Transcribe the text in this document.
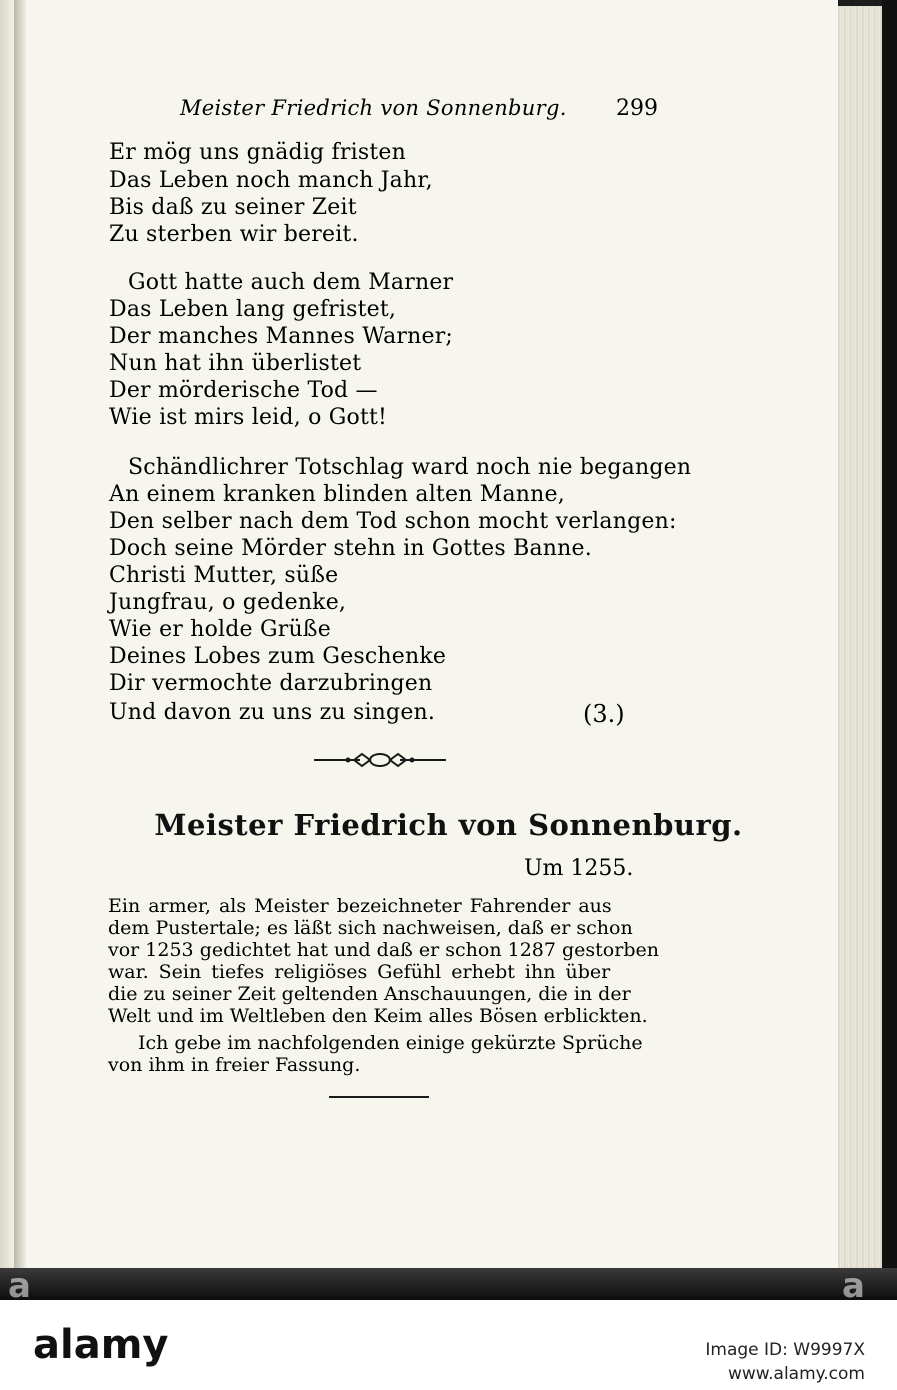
Meister Friedrich von Sonnenburg. 299
Er mög uns gnädig fristen
Das Leben noch manch Jahr,
Bis daß zu seiner Zeit
Zu sterben wir bereit.
Gott hatte auch dem Marner
Das Leben lang gefristet,
Der manches Mannes Warner;
Nun hat ihn überlistet
Der mörderische Tod —
Wie ist mirs leid, o Gott!
Schändlichrer Totschlag ward noch nie begangen
An einem kranken blinden alten Manne,
Den selber nach dem Tod schon mocht verlangen:
Doch seine Mörder stehn in Gottes Banne.
Christi Mutter, süße
Jungfrau, o gedenke,
Wie er holde Grüße
Deines Lobes zum Geschenke
Dir vermochte darzubringen
Und davon zu uns zu singen.	(3.)
Meister Friedrich von Sonnenburg.
Um 1255.
Ein armer, als Meister bezeichneter Fahrender aus
dem Pustertale; es läßt sich nachweisen, daß er schon
vor 1253 gedichtet hat und daß er schon 1287 gestorben
war. Sein tiefes religiöses Gefühl erhebt ihn über
die zu seiner Zeit geltenden Anschauungen, die in der
Welt und im Weltleben den Keim alles Bösen erblickten.
Ich gebe im nachfolgenden einige gekürzte Sprüche
von ihm in freier Fassung.
a	a
alamy	Image ID: W9997X
www.alamy.com
